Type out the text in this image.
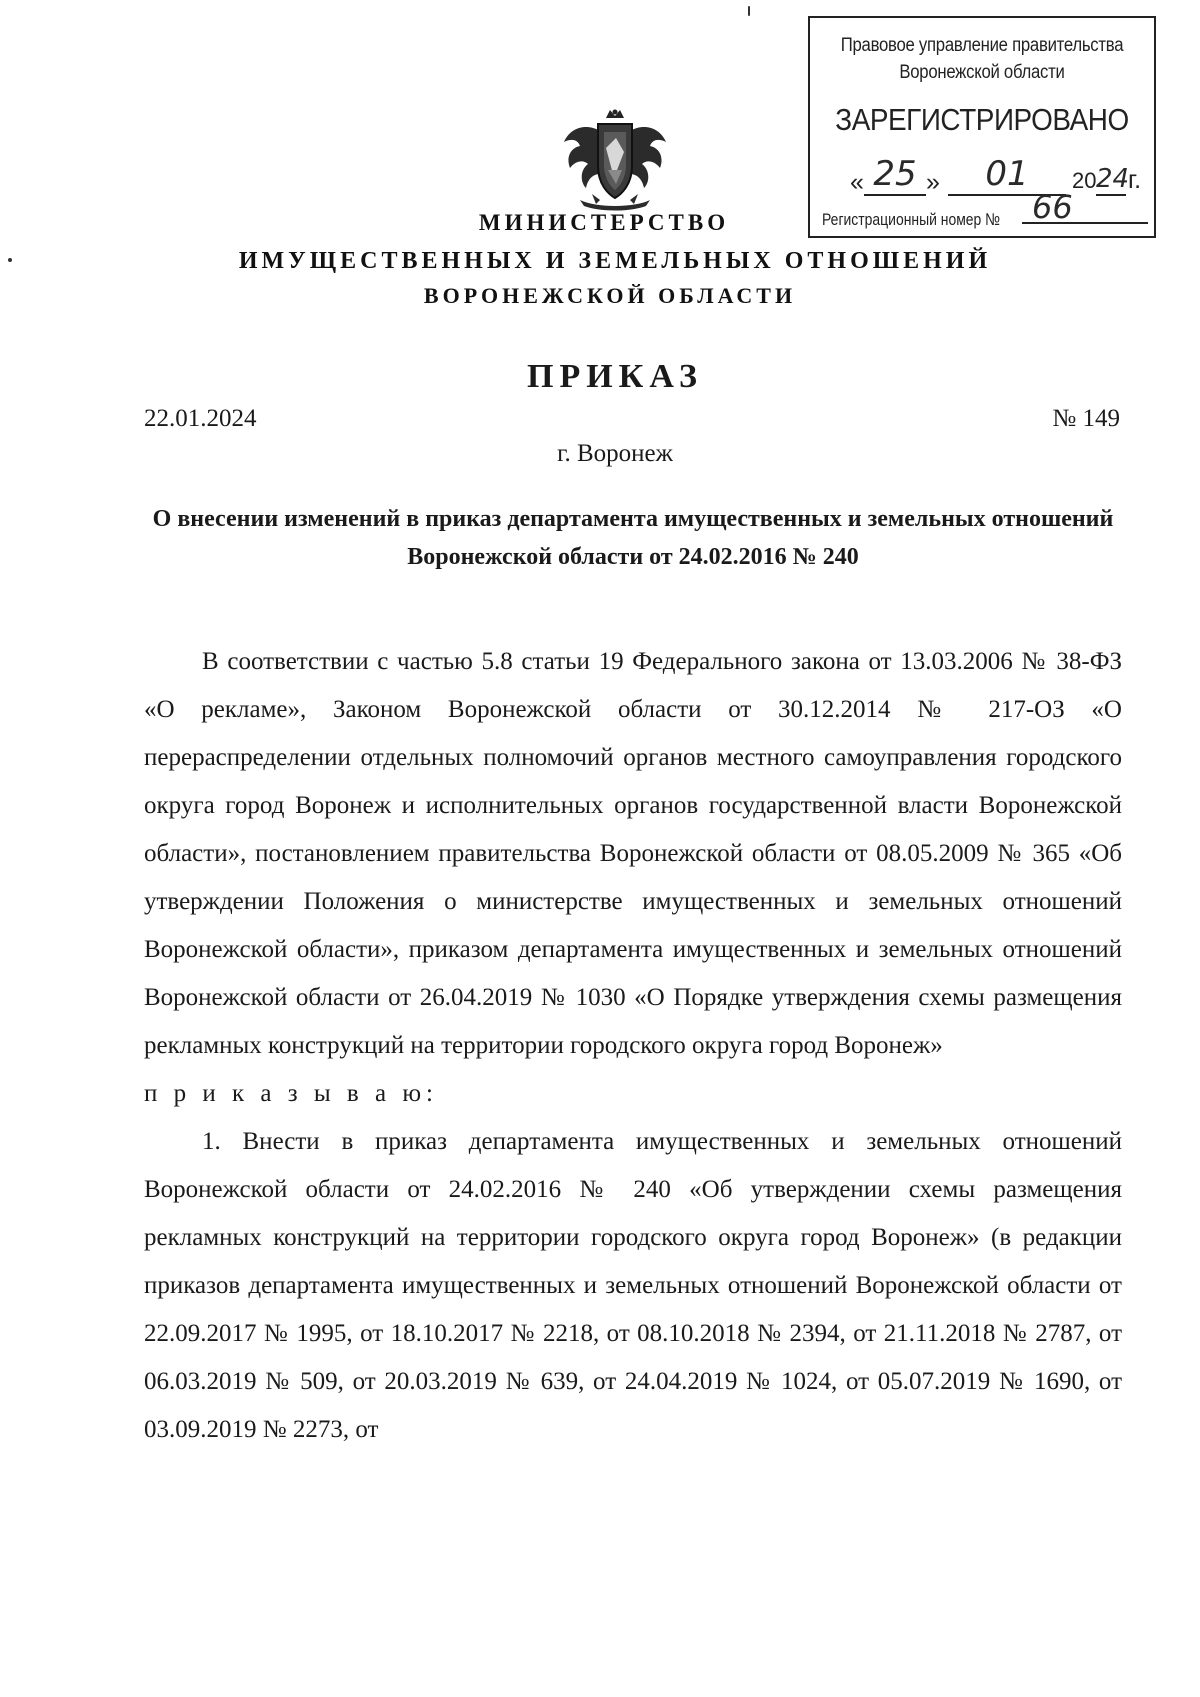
Правовое управление правительства Воронежской области
ЗАРЕГИСТРИРОВАНО
« 25 »	01	20 24
г.
Регистрационный номер № 66
МИНИСТЕРСТВО
ИМУЩЕСТВЕННЫХ И ЗЕМЕЛЬНЫХ ОТНОШЕНИЙ
ВОРОНЕЖСКОЙ ОБЛАСТИ
ПРИКАЗ
22.01.2024	№ 149
г. Воронеж
О внесении изменений в приказ департамента имущественных и земельных отношений Воронежской области от 24.02.2016 № 240

В соответствии с частью 5.8 статьи 19 Федерального закона от 13.03.2006 № 38-ФЗ «О рекламе», Законом Воронежской области от 30.12.2014 № 217-ОЗ «О перераспределении отдельных полномочий органов местного самоуправления городского округа город Воронеж и исполнительных органов государственной власти Воронежской области», постановлением правительства Воронежской области от 08.05.2009 № 365 «Об утверждении Положения о министерстве имущественных и земельных отношений Воронежской области», приказом департамента имущественных и земельных отношений Воронежской области от 26.04.2019 № 1030 «О Порядке утверждения схемы размещения рекламных конструкций на территории городского округа город Воронеж»

п р и к а з ы в а ю:

1. Внести в приказ департамента имущественных и земельных отношений Воронежской области от 24.02.2016 № 240 «Об утверждении схемы размещения рекламных конструкций на территории городского округа город Воронеж» (в редакции приказов департамента имущественных и земельных отношений Воронежской области от 22.09.2017 № 1995, от 18.10.2017 № 2218, от 08.10.2018 № 2394, от 21.11.2018 № 2787, от 06.03.2019 № 509, от 20.03.2019 № 639, от 24.04.2019 № 1024, от 05.07.2019 № 1690, от 03.09.2019 № 2273, от
